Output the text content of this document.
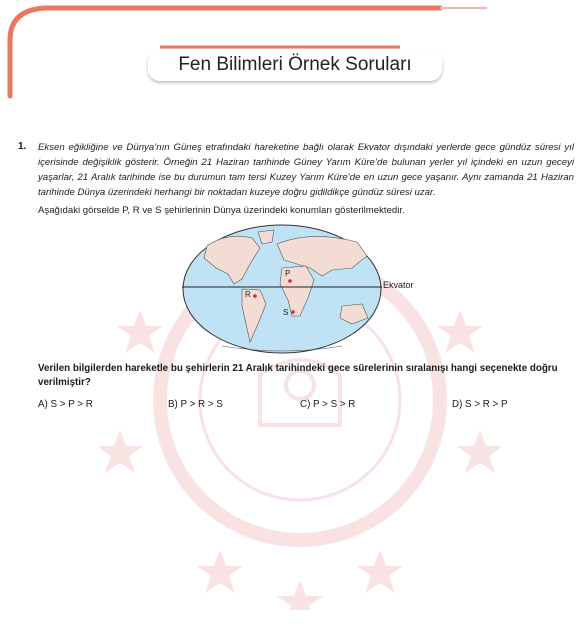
Fen Bilimleri Örnek Soruları
1. Eksen eğikliğine ve Dünya’nın Güneş etrafındaki hareketine bağlı olarak Ekvator dışındaki yerlerde gece gündüz süresi yıl içerisinde değişiklik gösterir. Örneğin 21 Haziran tarihinde Güney Yarım Küre’de bulunan yerler yıl içindeki en uzun geceyi yaşarlar, 21 Aralık tarihinde ise bu durumun tam tersi Kuzey Yarım Küre’de en uzun gece yaşanır. Aynı zamanda 21 Haziran tarihinde Dünya üzerindeki herhangi bir noktadan kuzeye doğru gidildikçe gündüz süresi uzar.
Aşağıdaki görselde P, R ve S şehirlerinin Dünya üzerindeki konumları gösterilmektedir.
P
R
S
Ekvator
Verilen bilgilerden hareketle bu şehirlerin 21 Aralık tarihindeki gece sürelerinin sıralanışı hangi seçenekte doğru verilmiştir?
A) S > P > R	B) P > R > S	C) P > S > R	D) S > R > P
